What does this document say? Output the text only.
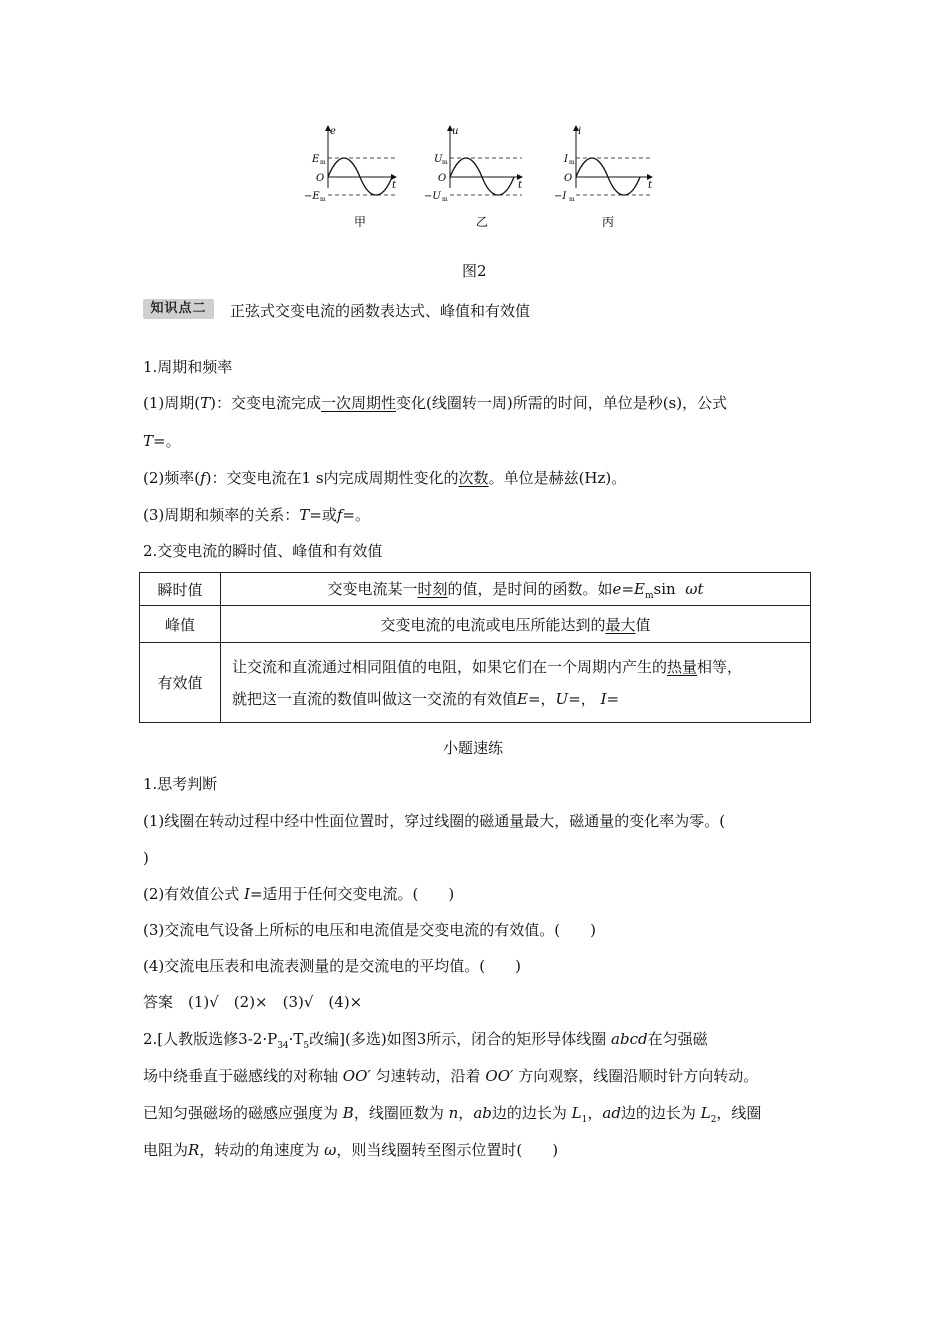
e
t
O
E m
−E m
甲
u
t
O
U m
−U m
乙
i
t
O
I m
−I m
丙
图2
知识点二	正弦式交变电流的函数表达式、峰值和有效值
1.周期和频率
(1)周期(T)：交变电流完成一次周期性变化(线圈转一周)所需的时间，单位是秒(s)，公式
T=。
(2)频率(f)：交变电流在1 s内完成周期性变化的次数。单位是赫兹(Hz)。
(3)周期和频率的关系：T=或f=。
2.交变电流的瞬时值、峰值和有效值
瞬时值	交变电流某一时刻的值，是时间的函数。如$e=E_m\sin$ ωt
峰值	交变电流的电流或电压所能达到的最大值
有效值	让交流和直流通过相同阻值的电阻，如果它们在一个周期内产生的热量相等，
就把这一直流的数值叫做这一交流的有效值E=，U=， I=
小题速练
1.思考判断
(1)线圈在转动过程中经中性面位置时，穿过线圈的磁通量最大，磁通量的变化率为零。(
)
(2)有效值公式 I=适用于任何交变电流。(　　)
(3)交流电气设备上所标的电压和电流值是交变电流的有效值。(　　)
(4)交流电压表和电流表测量的是交流电的平均值。(　　)
答案　(1)√　(2)×　(3)√　(4)×
2.[人教版选修$3-2\cdot P_{34}\cdot T_5$改编](多选)如图3所示，闭合的矩形导体线圈 abcd在匀强磁
场中绕垂直于磁感线的对称轴 OO′ 匀速转动，沿着 OO′ 方向观察，线圈沿顺时针方向转动。
已知匀强磁场的磁感应强度为 B，线圈匝数为 n，ab边的边长为 $L_1$，ad边的边长为 $L_2$，线圈
电阻为R，转动的角速度为 ω，则当线圈转至图示位置时(　　)
